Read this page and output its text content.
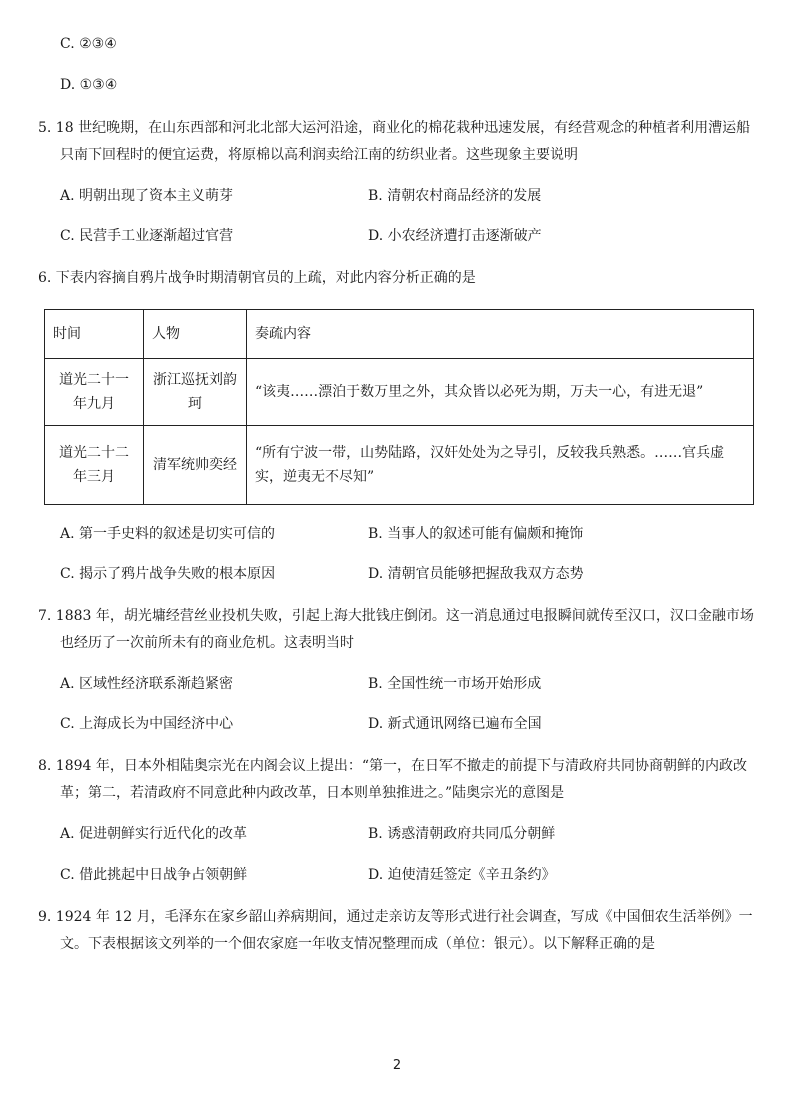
C. ②③④
D. ①③④
5. 18 世纪晚期，在山东西部和河北北部大运河沿途，商业化的棉花栽种迅速发展，有经营观念的种植者利用漕运船
只南下回程时的便宜运费，将原棉以高利润卖给江南的纺织业者。这些现象主要说明
A. 明朝出现了资本主义萌芽	B. 清朝农村商品经济的发展
C. 民营手工业逐渐超过官营	D. 小农经济遭打击逐渐破产
6. 下表内容摘自鸦片战争时期清朝官员的上疏，对此内容分析正确的是
时间	人物	奏疏内容
道光二十一年九月	浙江巡抚刘韵珂	“该夷……漂泊于数万里之外，其众皆以必死为期，万夫一心，有进无退”
道光二十二年三月	清军统帅奕经	“所有宁波一带，山势陆路，汉奸处处为之导引，反较我兵熟悉。……官兵虚实，逆夷无不尽知”
A. 第一手史料的叙述是切实可信的	B. 当事人的叙述可能有偏颇和掩饰
C. 揭示了鸦片战争失败的根本原因	D. 清朝官员能够把握敌我双方态势
7. 1883 年，胡光墉经营丝业投机失败，引起上海大批钱庄倒闭。这一消息通过电报瞬间就传至汉口，汉口金融市场
也经历了一次前所未有的商业危机。这表明当时
A. 区域性经济联系渐趋紧密	B. 全国性统一市场开始形成
C. 上海成长为中国经济中心	D. 新式通讯网络已遍布全国
8. 1894 年，日本外相陆奥宗光在内阁会议上提出：“第一，在日军不撤走的前提下与清政府共同协商朝鲜的内政改
革；第二，若清政府不同意此种内政改革，日本则单独推进之。”陆奥宗光的意图是
A. 促进朝鲜实行近代化的改革	B. 诱惑清朝政府共同瓜分朝鲜
C. 借此挑起中日战争占领朝鲜	D. 迫使清廷签定《辛丑条约》
9. 1924 年 12 月，毛泽东在家乡韶山养病期间，通过走亲访友等形式进行社会调查，写成《中国佃农生活举例》一
文。下表根据该文列举的一个佃农家庭一年收支情况整理而成（单位：银元）。以下解释正确的是
2
